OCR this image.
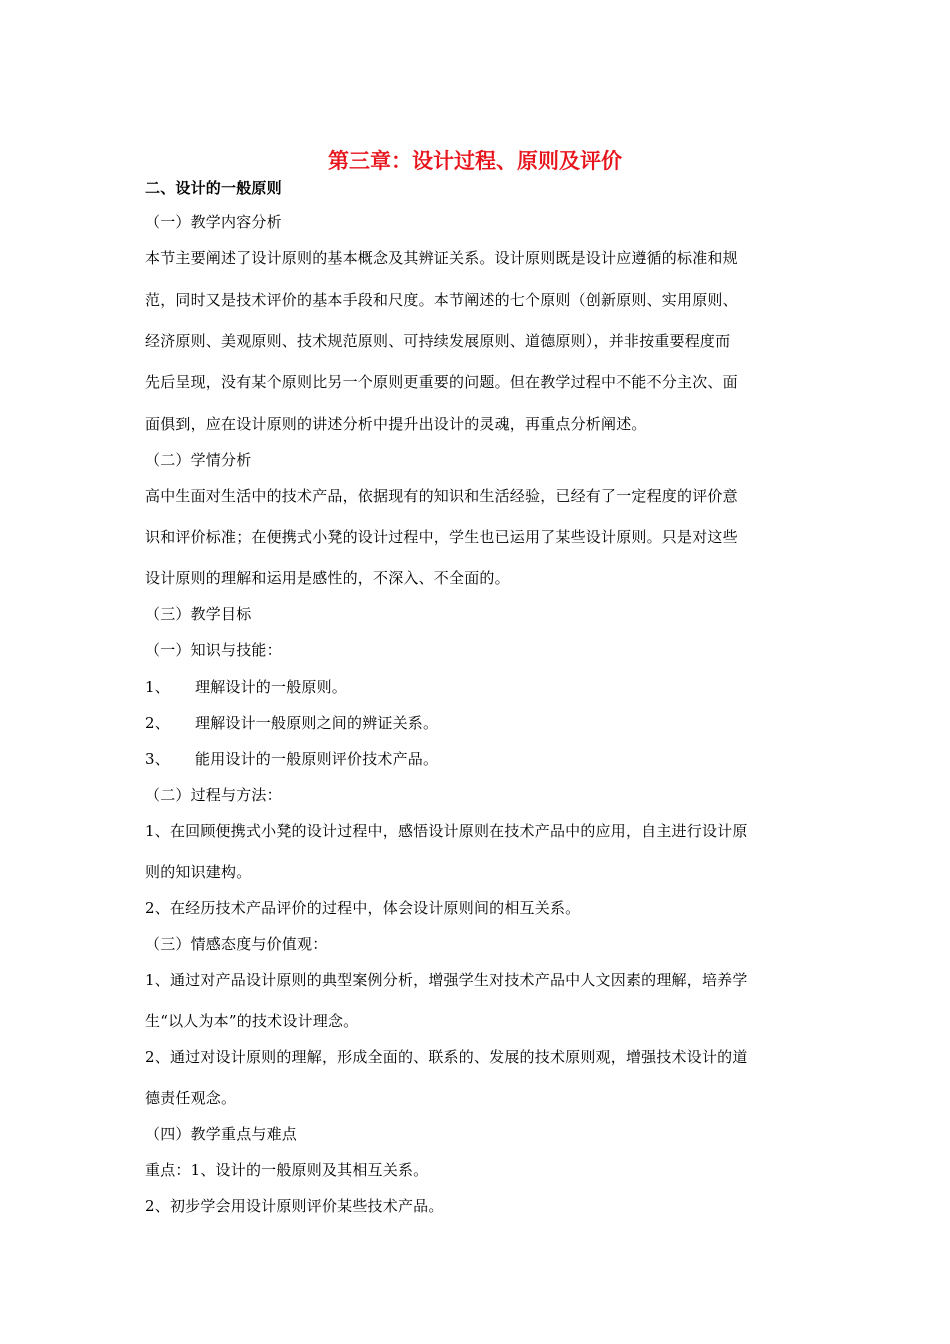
第三章：设计过程、原则及评价
二、设计的一般原则
（一）教学内容分析
本节主要阐述了设计原则的基本概念及其辨证关系。设计原则既是设计应遵循的标准和规
范，同时又是技术评价的基本手段和尺度。本节阐述的七个原则（创新原则、实用原则、
经济原则、美观原则、技术规范原则、可持续发展原则、道德原则），并非按重要程度而
先后呈现，没有某个原则比另一个原则更重要的问题。但在教学过程中不能不分主次、面
面俱到，应在设计原则的讲述分析中提升出设计的灵魂，再重点分析阐述。
（二）学情分析
高中生面对生活中的技术产品，依据现有的知识和生活经验，已经有了一定程度的评价意
识和评价标准；在便携式小凳的设计过程中，学生也已运用了某些设计原则。只是对这些
设计原则的理解和运用是感性的，不深入、不全面的。
（三）教学目标
（一）知识与技能：
1、 理解设计的一般原则。
2、 理解设计一般原则之间的辨证关系。
3、 能用设计的一般原则评价技术产品。
（二）过程与方法：
1、在回顾便携式小凳的设计过程中，感悟设计原则在技术产品中的应用，自主进行设计原
则的知识建构。
2、在经历技术产品评价的过程中，体会设计原则间的相互关系。
（三）情感态度与价值观：
1、通过对产品设计原则的典型案例分析，增强学生对技术产品中人文因素的理解，培养学
生“以人为本”的技术设计理念。
2、通过对设计原则的理解，形成全面的、联系的、发展的技术原则观，增强技术设计的道
德责任观念。
（四）教学重点与难点
重点：1、设计的一般原则及其相互关系。
2、初步学会用设计原则评价某些技术产品。
